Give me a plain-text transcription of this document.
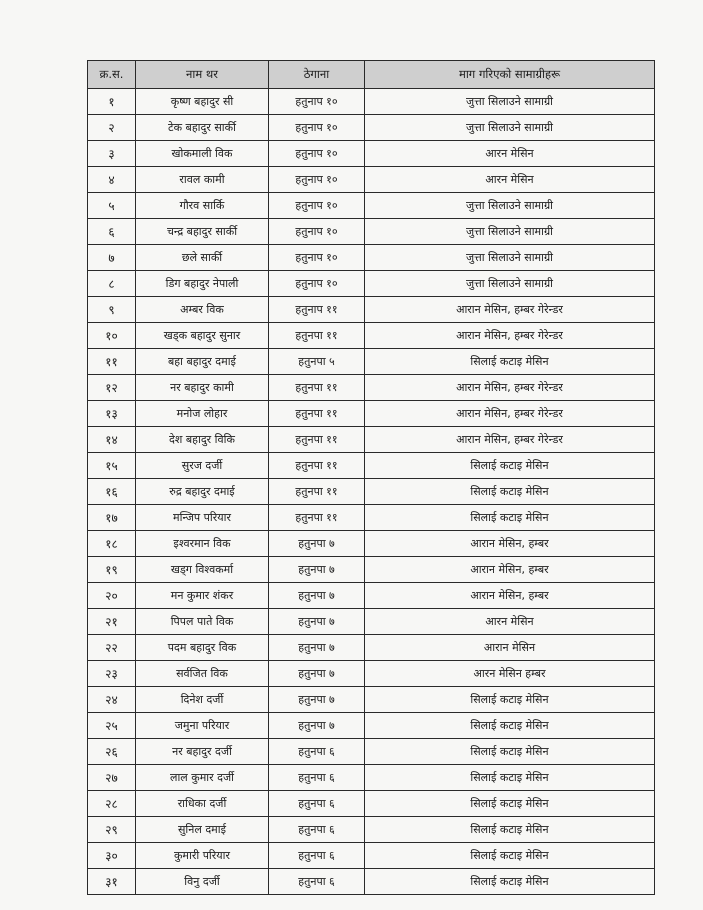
क्र.स.	नाम थर	ठेगाना	माग गरिएको सामाग्रीहरू
१	कृष्ण बहादुर सी	हतुनाप १०	जुत्ता सिलाउने सामाग्री
२	टेक बहादुर सार्की	हतुनाप १०	जुत्ता सिलाउने सामाग्री
३	खोकमाली विक	हतुनाप १०	आरन मेसिन
४	रावल कामी	हतुनाप १०	आरन मेसिन
५	गौरव सार्कि	हतुनाप १०	जुत्ता सिलाउने सामाग्री
६	चन्द्र बहादुर सार्की	हतुनाप १०	जुत्ता सिलाउने सामाग्री
७	छले सार्की	हतुनाप १०	जुत्ता सिलाउने सामाग्री
८	डिग बहादुर नेपाली	हतुनाप १०	जुत्ता सिलाउने सामाग्री
९	अम्बर विक	हतुनाप ११	आरान मेसिन, हम्बर गेरेन्डर
१०	खड्क बहादुर सुनार	हतुनपा ११	आरान मेसिन, हम्बर गेरेन्डर
११	बहा बहादुर दमाई	हतुनपा ५	सिलाई कटाइ मेसिन
१२	नर बहादुर कामी	हतुनपा ११	आरान मेसिन, हम्बर गेरेन्डर
१३	मनोज लोहार	हतुनपा ११	आरान मेसिन, हम्बर गेरेन्डर
१४	देश बहादुर विकि	हतुनपा ११	आरान मेसिन, हम्बर गेरेन्डर
१५	सुरज दर्जी	हतुनपा ११	सिलाई कटाइ मेसिन
१६	रुद्र बहादुर दमाई	हतुनपा ११	सिलाई कटाइ मेसिन
१७	मन्जिप परियार	हतुनपा ११	सिलाई कटाइ मेसिन
१८	इश्वरमान विक	हतुनपा ७	आरान मेसिन, हम्बर
१९	खड्ग विश्वकर्मा	हतुनपा ७	आरान मेसिन, हम्बर
२०	मन कुमार शंकर	हतुनपा ७	आरान मेसिन, हम्बर
२१	पिपल पाते विक	हतुनपा ७	आरन मेसिन
२२	पदम बहादुर विक	हतुनपा ७	आरान मेसिन
२३	सर्वजित विक	हतुनपा ७	आरन मेसिन हम्बर
२४	दिनेश दर्जी	हतुनपा ७	सिलाई कटाइ मेसिन
२५	जमुना परियार	हतुनपा ७	सिलाई कटाइ मेसिन
२६	नर बहादुर दर्जी	हतुनपा ६	सिलाई कटाइ मेसिन
२७	लाल कुमार दर्जी	हतुनपा ६	सिलाई कटाइ मेसिन
२८	राधिका दर्जी	हतुनपा ६	सिलाई कटाइ मेसिन
२९	सुनिल दमाई	हतुनपा ६	सिलाई कटाइ मेसिन
३०	कुमारी परियार	हतुनपा ६	सिलाई कटाइ मेसिन
३१	विनु दर्जी	हतुनपा ६	सिलाई कटाइ मेसिन
